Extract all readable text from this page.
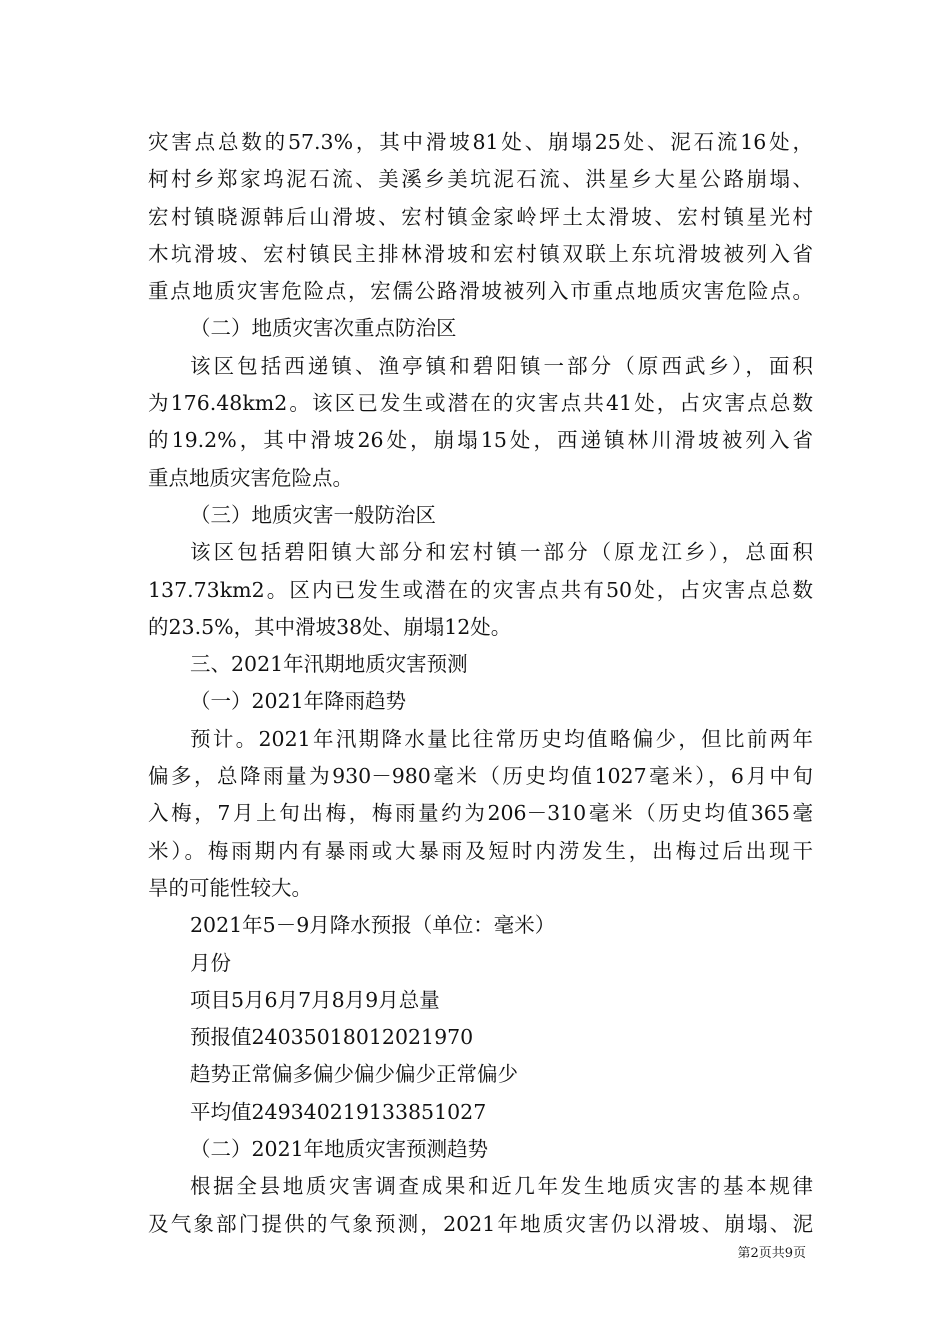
灾害点总数的57.3%，其中滑坡81处、崩塌25处、泥石流16处，
柯村乡郑家坞泥石流、美溪乡美坑泥石流、洪星乡大星公路崩塌、
宏村镇晓源韩后山滑坡、宏村镇金家岭坪土太滑坡、宏村镇星光村
木坑滑坡、宏村镇民主排林滑坡和宏村镇双联上东坑滑坡被列入省
重点地质灾害危险点，宏儒公路滑坡被列入市重点地质灾害危险点。
（二）地质灾害次重点防治区
该区包括西递镇、渔亭镇和碧阳镇一部分（原西武乡），面积
为176.48km2。该区已发生或潜在的灾害点共41处，占灾害点总数
的19.2%，其中滑坡26处，崩塌15处，西递镇林川滑坡被列入省
重点地质灾害危险点。
（三）地质灾害一般防治区
该区包括碧阳镇大部分和宏村镇一部分（原龙江乡），总面积
137.73km2。区内已发生或潜在的灾害点共有50处，占灾害点总数
的23.5%，其中滑坡38处、崩塌12处。
三、2021年汛期地质灾害预测
（一）2021年降雨趋势
预计。2021年汛期降水量比往常历史均值略偏少，但比前两年
偏多，总降雨量为930－980毫米（历史均值1027毫米），6月中旬
入梅，7月上旬出梅，梅雨量约为206－310毫米（历史均值365毫
米）。梅雨期内有暴雨或大暴雨及短时内涝发生，出梅过后出现干
旱的可能性较大。
2021年5－9月降水预报（单位：毫米）
月份
项目5月6月7月8月9月总量
预报值24035018012021970
趋势正常偏多偏少偏少偏少正常偏少
平均值249340219133851027
（二）2021年地质灾害预测趋势
根据全县地质灾害调查成果和近几年发生地质灾害的基本规律
及气象部门提供的气象预测，2021年地质灾害仍以滑坡、崩塌、泥
第2页共9页
